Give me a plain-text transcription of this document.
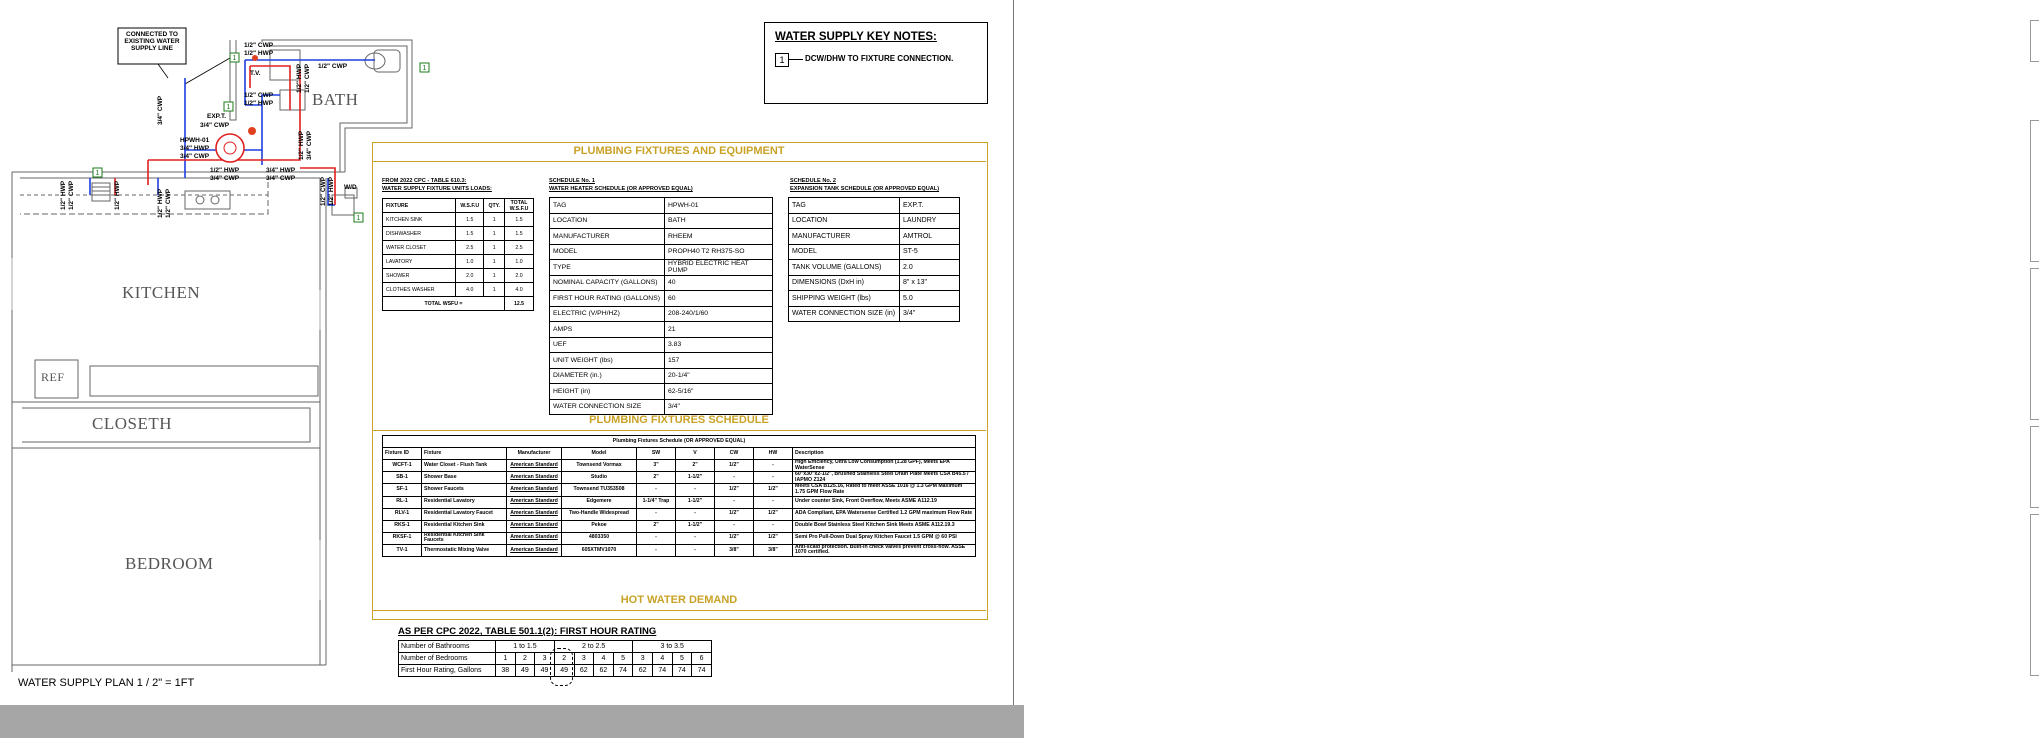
1
1
1
1
1
CONNECTED TO EXISTING WATER SUPPLY LINE	1/2" CWP
1/2" HWP
T.V.
1/2" CWP
1/2" CWP
1/2" HWP
EXP.T.
3/4" CWP
HPWH-01
3/4" HWP
3/4" CWP
1/2" HWP
3/4" CWP
3/4" HWP
3/4" CWP
W/D
3/4" CWP
1/2" HWP 1/2" CWP	1/2" HWP	1/2" HWP 1/2" CWP
1/2" HWP 1/2" CWP
1/2" HWP 3/4" CWP
1/2" CWP 1/2" HWP
BATH
KITCHEN
CLOSETH
BEDROOM
REF
WATER SUPPLY PLAN 1 / 2" = 1FT
WATER SUPPLY KEY NOTES:
1	DCW/DHW TO FIXTURE CONNECTION.
PLUMBING FIXTURES AND EQUIPMENT
FROM 2022 CPC - TABLE 610.3:
WATER SUPPLY FIXTURE UNITS LOADS:
FIXTURE	W.S.F.U	QTY.	TOTAL W.S.F.U
KITCHEN SINK	1.5	1	1.5
DISHWASHER	1.5	1	1.5
WATER CLOSET	2.5	1	2.5
LAVATORY	1.0	1	1.0
SHOWER	2.0	1	2.0
CLOTHES WASHER	4.0	1	4.0
TOTAL WSFU =			12.5
SCHEDULE No. 1
WATER HEATER SCHEDULE (OR APPROVED EQUAL)
TAG	HPWH-01
LOCATION	BATH
MANUFACTURER	RHEEM
MODEL	PROPH40 T2 RH375-SO
TYPE	HYBRID ELECTRIC HEAT PUMP
NOMINAL CAPACITY (GALLONS)	40
FIRST HOUR RATING (GALLONS)	60
ELECTRIC (V/PH/HZ)	208-240/1/60
AMPS	21
UEF	3.83
UNIT WEIGHT (lbs)	157
DIAMETER (in.)	20-1/4"
HEIGHT (in)	62-5/16"
WATER CONNECTION SIZE	3/4"
SCHEDULE No. 2
EXPANSION TANK SCHEDULE (OR APPROVED EQUAL)
TAG	EXP.T.
LOCATION	LAUNDRY
MANUFACTURER	AMTROL
MODEL	ST-5
TANK VOLUME (GALLONS)	2.0
DIMENSIONS (DxH in)	8" x 13"
SHIPPING WEIGHT (lbs)	5.0
WATER CONNECTION SIZE (in)	3/4"
PLUMBING FIXTURES SCHEDULE
Plumbing Fixtures Schedule (OR APPROVED EQUAL)								
Fixture ID	Fixture	Manufacturer	Model	SW	V	CW	HW	Description
WCFT-1	Water Closet - Flush Tank	American Standard	Townsend Vormax	3"	2"	1/2"	-	High Efficiency, Ultra Low Consumption (1.28 GPF), Meets EPA WaterSense
SB-1	Shower Base	American Standard	Studio	2"	1-1/2"	-	-	60"x30"x2-1/2", Brushed Stainless Steel Drain Plate Meets CSA B45.5 / IAPMO Z124
SF-1	Shower Faucets	American Standard	Townsend TU353508	-	-	1/2"	1/2"	Meets CSA B125.16, Rated to meet ASSE 1016 @ 1.3 GPM Maximum 1.75 GPM Flow Rate
RL-1	Residential Lavatory	American Standard	Edgemere	1-1/4" Trap	1-1/2"	-	-	Under counter Sink, Front Overflow, Meets ASME A112.19
RLV-1	Residential Lavatory Faucet	American Standard	Two-Handle Widespread	-	-	1/2"	1/2"	ADA Compliant, EPA Watersense Certified 1.2 GPM maximum Flow Rate
RKS-1	Residential Kitchen Sink	American Standard	Pekoe	2"	1-1/2"	-	-	Double Bowl Stainless Steel Kitchen Sink Meets ASME A112.19.3
RKSF-1	Residential Kitchen Sink Faucets	American Standard	4803350	-	-	1/2"	1/2"	Semi Pro Pull-Down Dual Spray Kitchen Faucet 1.5 GPM @ 60 PSI
TV-1	Thermostatic Mixing Valve	American Standard	605XTMV1070	-	-	3/8"	3/8"	Anti-scald protection. Built-in check valves prevent cross-flow. ASSE 1070 certified.
HOT WATER DEMAND
AS PER CPC 2022, TABLE 501.1(2): FIRST HOUR RATING
Number of Bathrooms	1 to 1.5			2 to 2.5				3 to 3.5			
Number of Bedrooms	1	2	3	2	3	4	5	3	4	5	6
First Hour Rating, Gallons	38	49	49	49	62	62	74	62	74	74	74
